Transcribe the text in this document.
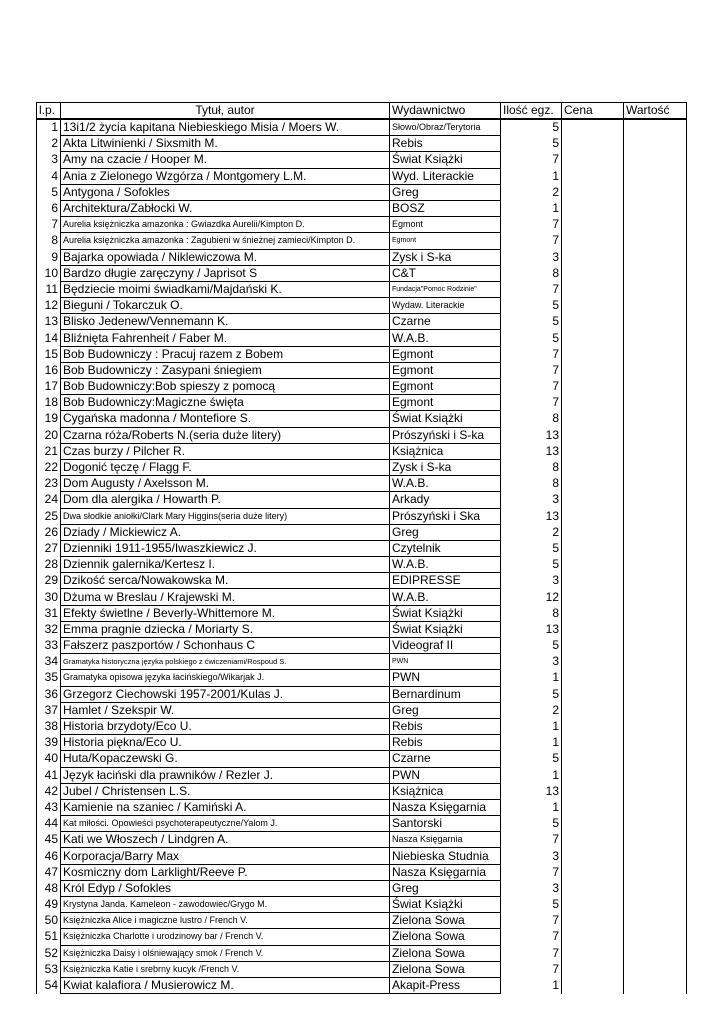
l.p.	Tytuł, autor	Wydawnictwo	Ilość egz.	Cena	Wartość
1	13i1/2 życia kapitana Niebieskiego Misia / Moers W.	Słowo/Obraz/Terytoria	5		
2	Akta Litwinienki / Sixsmith M.	Rebis	5		
3	Amy na czacie / Hooper M.	Świat Książki	7		
4	Ania z Zielonego Wzgórza / Montgomery L.M.	Wyd. Literackie	1		
5	Antygona / Sofokles	Greg	2		
6	Architektura/Zabłocki W.	BOSZ	1		
7	Aurelia księżniczka amazonka : Gwiazdka Aurelii/Kimpton D.	Egmont	7		
8	Aurelia księżniczka amazonka : Zagubieni w śnieżnej zamieci/Kimpton D.	Egmont	7		
9	Bajarka opowiada / Niklewiczowa M.	Zysk i S-ka	3		
10	Bardzo długie zaręczyny / Japrisot S	C&T	8		
11	Będziecie moimi świadkami/Majdański K.	Fundacja"Pomoc Rodzinie"	7		
12	Bieguni / Tokarczuk O.	Wydaw. Literackie	5		
13	Blisko Jedenew/Vennemann K.	Czarne	5		
14	Bliźnięta Fahrenheit / Faber M.	W.A.B.	5		
15	Bob Budowniczy : Pracuj razem z Bobem	Egmont	7		
16	Bob Budowniczy : Zasypani śniegiem	Egmont	7		
17	Bob Budowniczy:Bob spieszy z pomocą	Egmont	7		
18	Bob Budowniczy:Magiczne święta	Egmont	7		
19	Cygańska madonna / Montefiore S.	Świat Książki	8		
20	Czarna róża/Roberts N.(seria duże litery)	Prószyński i S-ka	13		
21	Czas burzy / Pilcher R.	Książnica	13		
22	Dogonić tęczę / Flagg F.	Zysk i S-ka	8		
23	Dom Augusty / Axelsson M.	W.A.B.	8		
24	Dom dla alergika / Howarth P.	Arkady	3		
25	Dwa słodkie aniołki/Clark Mary Higgins(seria duże litery)	Prószyński i Ska	13		
26	Dziady / Mickiewicz A.	Greg	2		
27	Dzienniki 1911-1955/Iwaszkiewicz J.	Czytelnik	5		
28	Dziennik galernika/Kertesz I.	W.A.B.	5		
29	Dzikość serca/Nowakowska M.	EDIPRESSE	3		
30	Dżuma w Breslau / Krajewski M.	W.A.B.	12		
31	Efekty świetlne / Beverly-Whittemore M.	Świat Książki	8		
32	Emma pragnie dziecka / Moriarty S.	Świat Książki	13		
33	Fałszerz paszportów / Schonhaus C	Videograf II	5		
34	Gramatyka historyczna języka polskiego z ćwiczeniami/Rospoud S.	PWN	3		
35	Gramatyka opisowa języka łacińskiego/Wikarjak J.	PWN	1		
36	Grzegorz Ciechowski 1957-2001/Kulas J.	Bernardinum	5		
37	Hamlet / Szekspir W.	Greg	2		
38	Historia brzydoty/Eco U.	Rebis	1		
39	Historia piękna/Eco U.	Rebis	1		
40	Huta/Kopaczewski G.	Czarne	5		
41	Język łaciński dla prawników / Rezler J.	PWN	1		
42	Jubel / Christensen L.S.	Książnica	13		
43	Kamienie na szaniec / Kamiński A.	Nasza Księgarnia	1		
44	Kat miłości. Opowieści psychoterapeutyczne/Yalom J.	Santorski	5		
45	Kati we Włoszech / Lindgren A.	Nasza Księgarnia	7		
46	Korporacja/Barry Max	Niebieska Studnia	3		
47	Kosmiczny dom Larklight/Reeve P.	Nasza Księgarnia	7		
48	Król Edyp / Sofokles	Greg	3		
49	Krystyna Janda. Kameleon - zawodowiec/Grygo M.	Świat Książki	5		
50	Księżniczka Alice i magiczne lustro / French V.	Zielona Sowa	7		
51	Księżniczka Charlotte i urodzinowy bar / French V.	Zielona Sowa	7		
52	Księżniczka Daisy i olśniewający smok / French V.	Zielona Sowa	7		
53	Księżniczka Katie i srebrny kucyk /French V.	Zielona Sowa	7		
54	Kwiat kalafiora / Musierowicz M.	Akapit-Press	1		
